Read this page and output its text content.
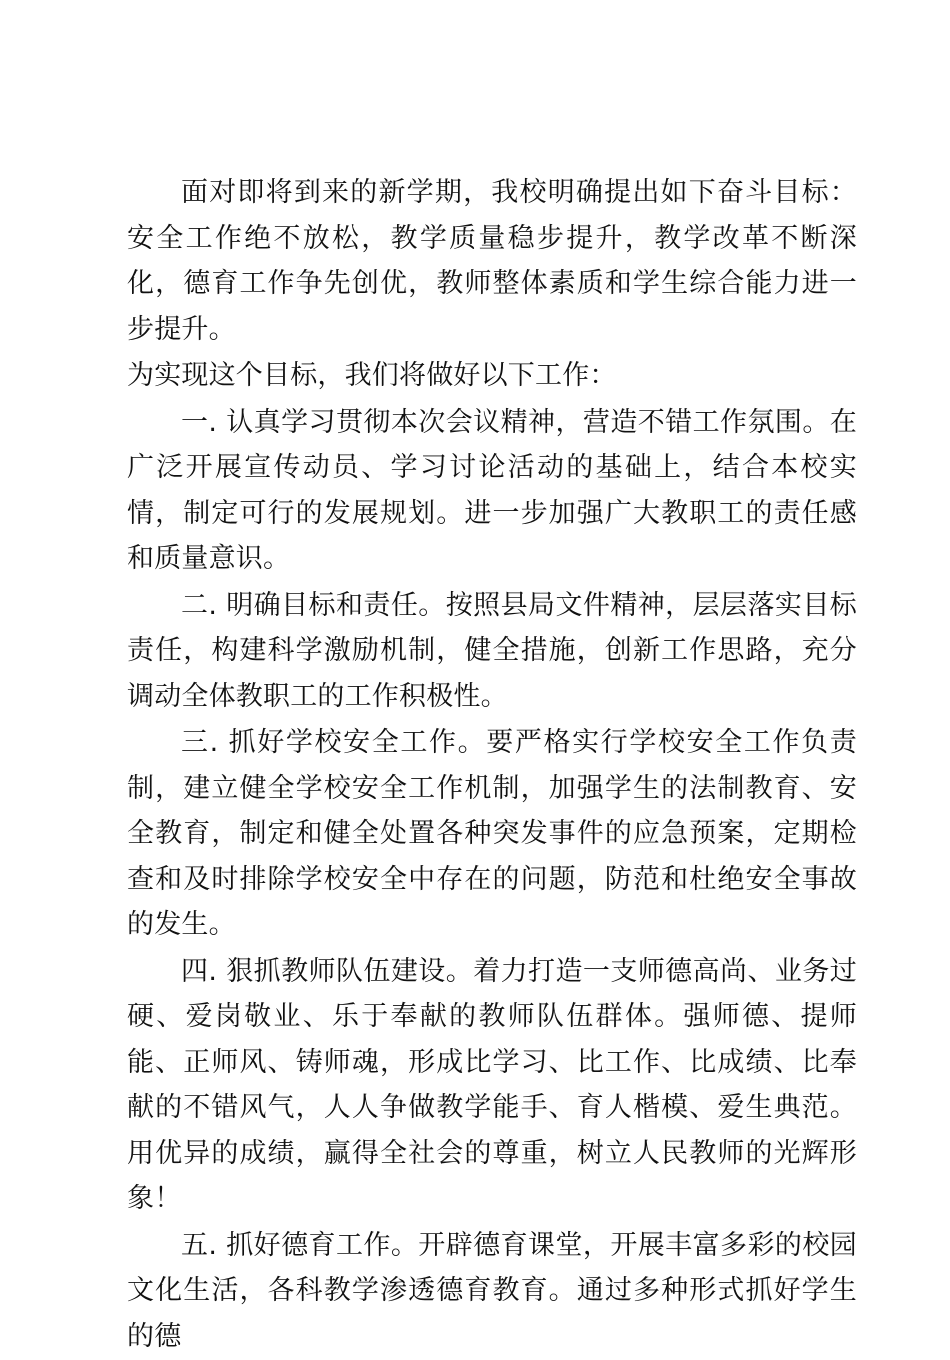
面对即将到来的新学期，我校明确提出如下奋斗目标：安全工作绝不放松，教学质量稳步提升，教学改革不断深化，德育工作争先创优，教师整体素质和学生综合能力进一步提升。

为实现这个目标，我们将做好以下工作：

一. 认真学习贯彻本次会议精神，营造不错工作氛围。在广泛开展宣传动员、学习讨论活动的基础上，结合本校实情，制定可行的发展规划。进一步加强广大教职工的责任感和质量意识。

二. 明确目标和责任。按照县局文件精神，层层落实目标责任，构建科学激励机制，健全措施，创新工作思路，充分调动全体教职工的工作积极性。

三. 抓好学校安全工作。要严格实行学校安全工作负责制，建立健全学校安全工作机制，加强学生的法制教育、安全教育，制定和健全处置各种突发事件的应急预案，定期检查和及时排除学校安全中存在的问题，防范和杜绝安全事故的发生。

四. 狠抓教师队伍建设。着力打造一支师德高尚、业务过硬、爱岗敬业、乐于奉献的教师队伍群体。强师德、提师能、正师风、铸师魂，形成比学习、比工作、比成绩、比奉献的不错风气，人人争做教学能手、育人楷模、爱生典范。用优异的成绩，赢得全社会的尊重，树立人民教师的光辉形象！

五. 抓好德育工作。开辟德育课堂，开展丰富多彩的校园文化生活，各科教学渗透德育教育。通过多种形式抓好学生的德
